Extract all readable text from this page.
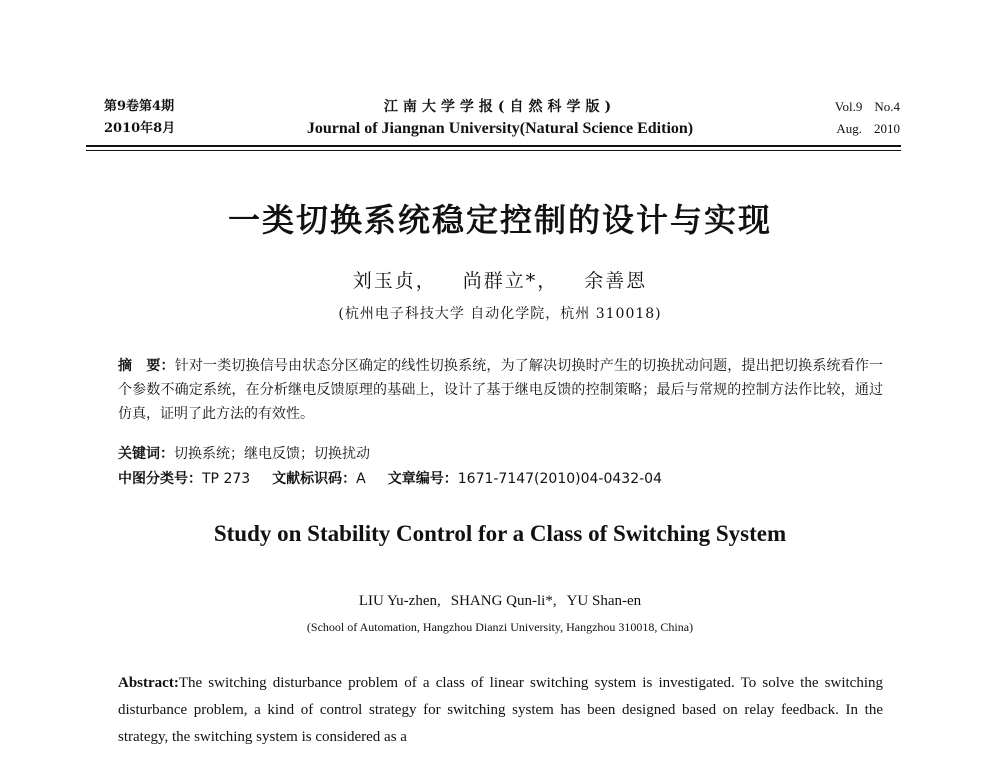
第9卷第4期
2010年8月
江南大学学报(自然科学版)
Journal of Jiangnan University(Natural Science Edition)
Vol.9 No.4
Aug. 2010
一类切换系统稳定控制的设计与实现
刘玉贞， 尚群立*， 余善恩
(杭州电子科技大学 自动化学院，杭州 310018)
摘　要：针对一类切换信号由状态分区确定的线性切换系统，为了解决切换时产生的切换扰动问题，提出把切换系统看作一个参数不确定系统，在分析继电反馈原理的基础上，设计了基于继电反馈的控制策略；最后与常规的控制方法作比较，通过仿真，证明了此方法的有效性。
关键词：切换系统；继电反馈；切换扰动
中图分类号：TP 273 文献标识码：A 文章编号：1671-7147(2010)04-0432-04
Study on Stability Control for a Class of Switching System
LIU Yu-zhen, SHANG Qun-li*, YU Shan-en
(School of Automation, Hangzhou Dianzi University, Hangzhou 310018, China)
Abstract:The switching disturbance problem of a class of linear switching system is investigated. To solve the switching disturbance problem, a kind of control strategy for switching system has been designed based on relay feedback. In the strategy, the switching system is considered as a
